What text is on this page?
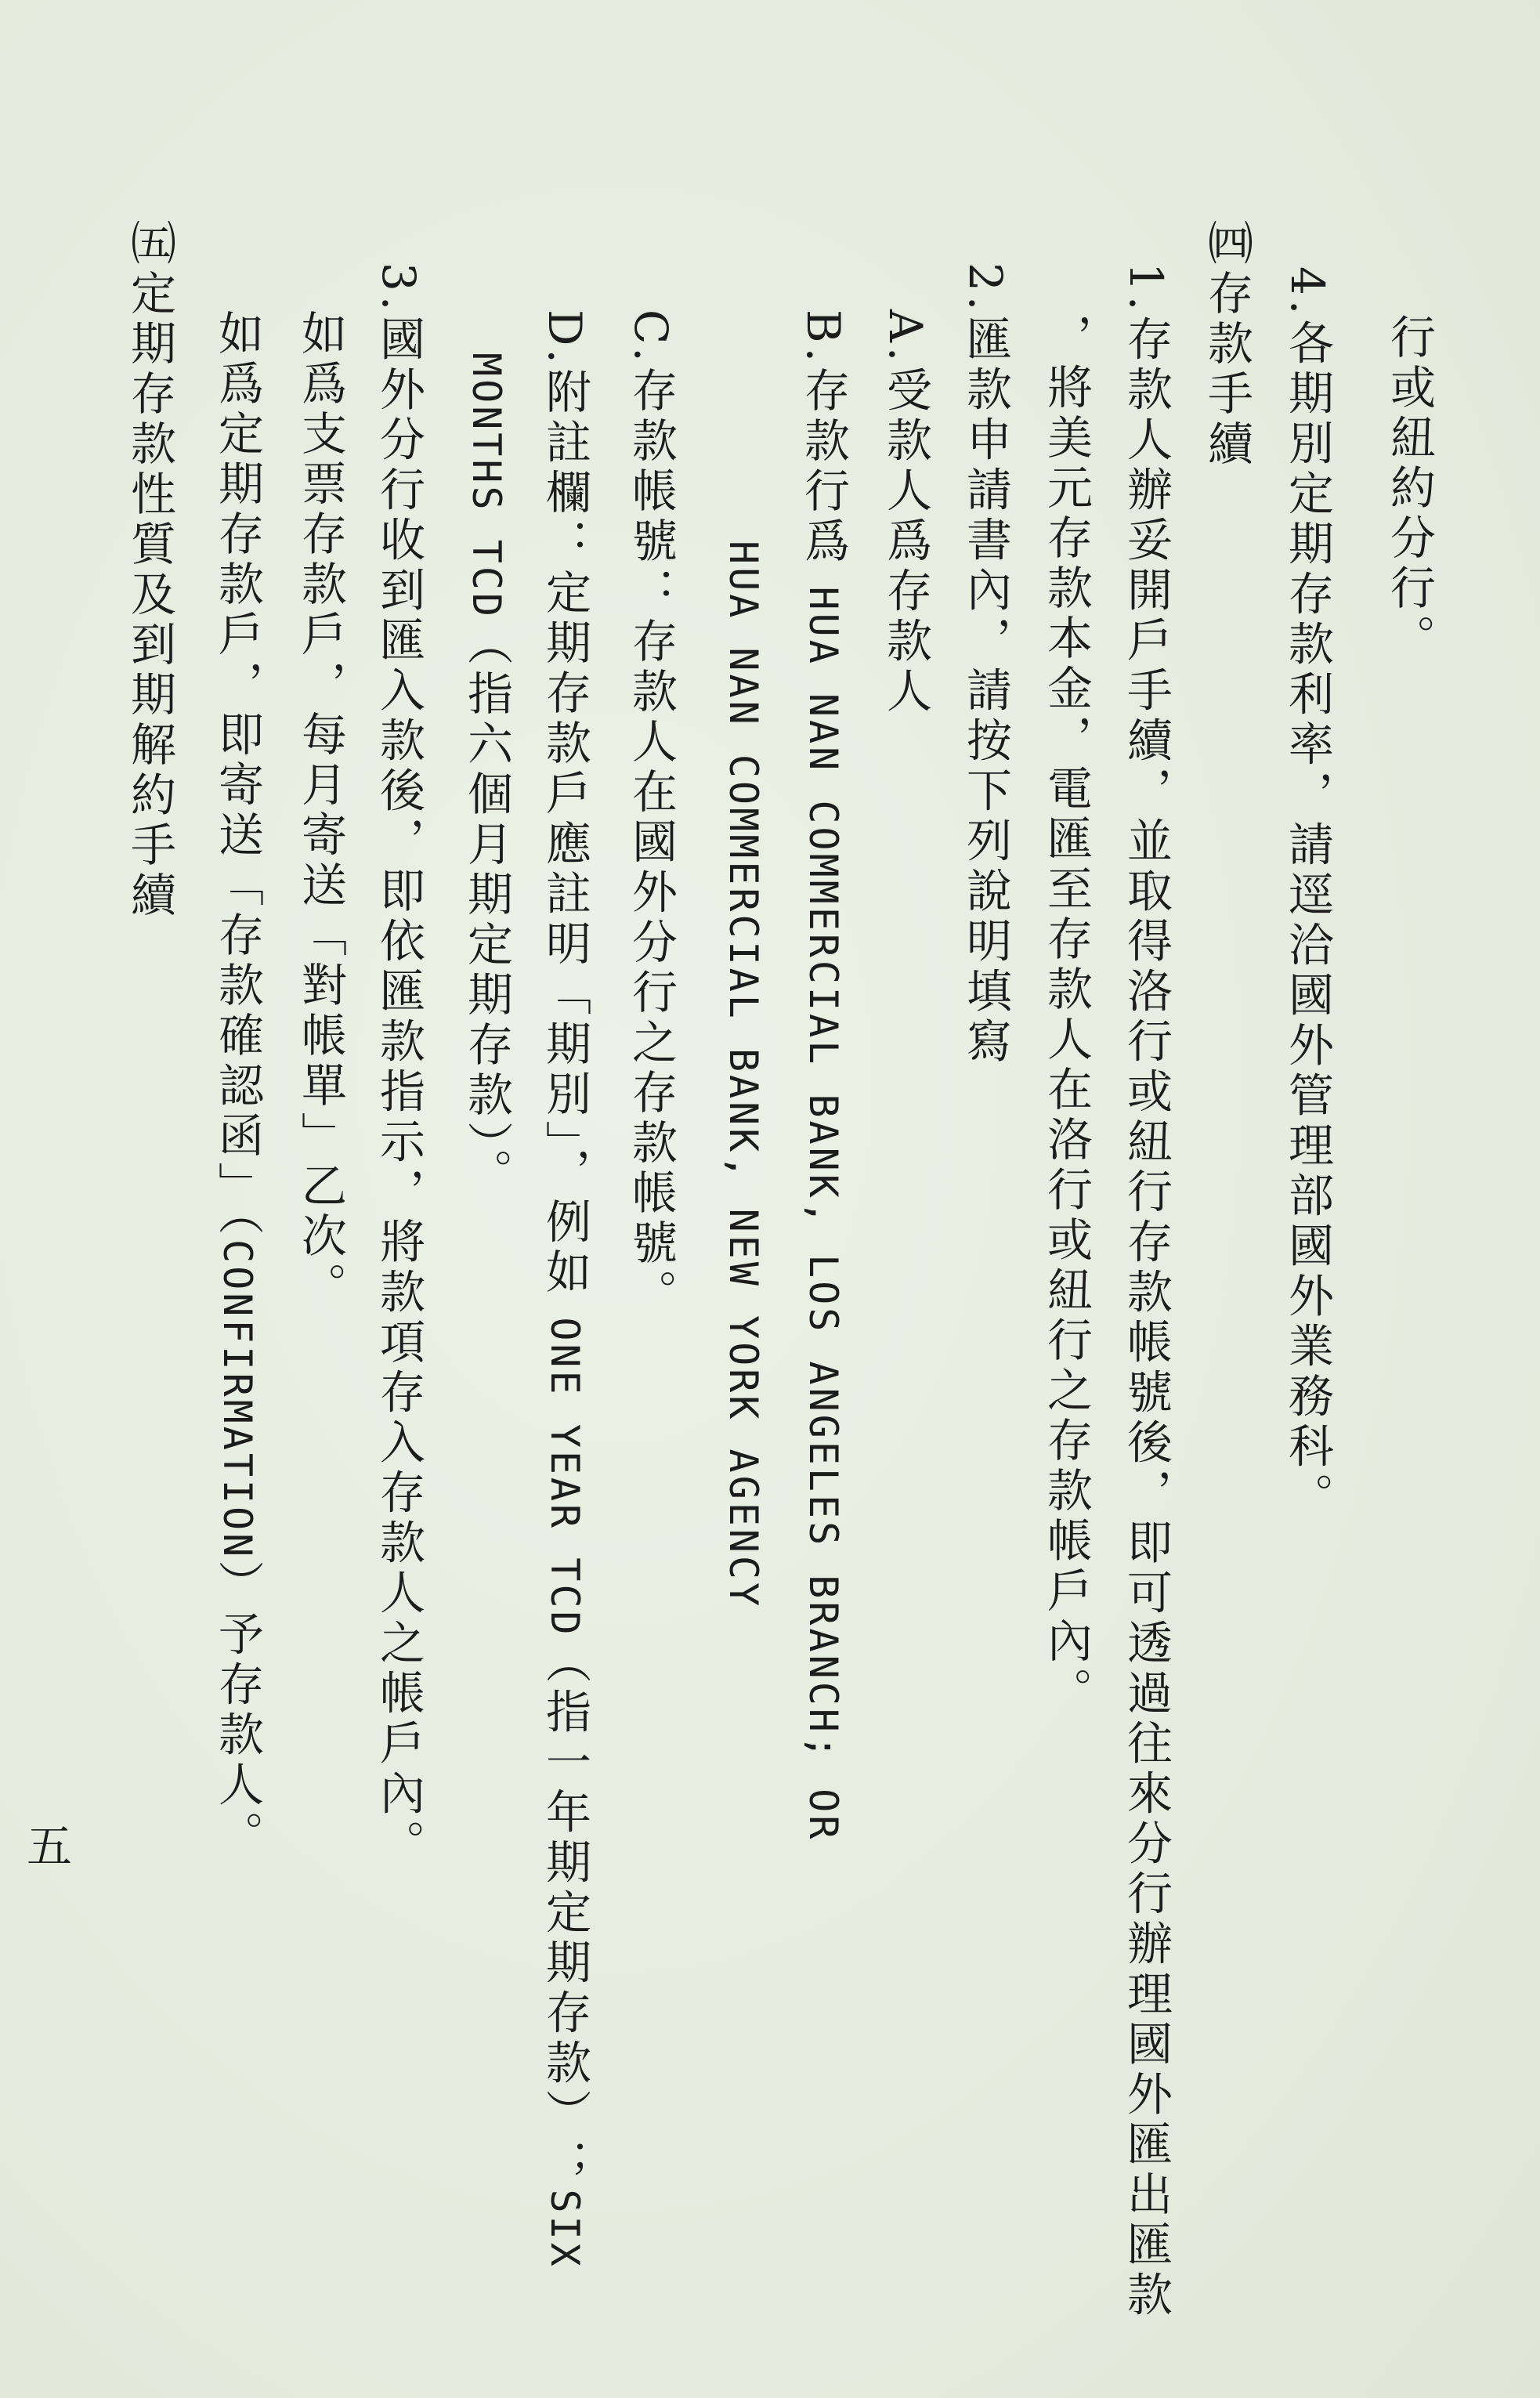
行或紐約分行。
4.各期別定期存款利率，請逕洽國外管理部國外業務科。
㈣存款手續
1.存款人辦妥開戶手續，並取得洛行或紐行存款帳號後，即可透過往來分行辦理國外匯出匯款
，將美元存款本金，電匯至存款人在洛行或紐行之存款帳戶內。
2.匯款申請書內，請按下列說明填寫
A.受款人爲存款人
B.存款行爲 HUA NAN COMMERCIAL BANK, LOS ANGELES BRANCH; OR
HUA NAN COMMERCIAL BANK, NEW YORK AGENCY
C.存款帳號：存款人在國外分行之存款帳號。
D.附註欄：定期存款戶應註明「期別」，例如 ONE YEAR TCD（指一年期定期存款）；SIX
MONTHS TCD（指六個月期定期存款）。
3.國外分行收到匯入款後，即依匯款指示，將款項存入存款人之帳戶內。
如爲支票存款戶，每月寄送「對帳單」乙次。
如爲定期存款戶，即寄送「存款確認函」（CONFIRMATION）予存款人。
㈤定期存款性質及到期解約手續
五
